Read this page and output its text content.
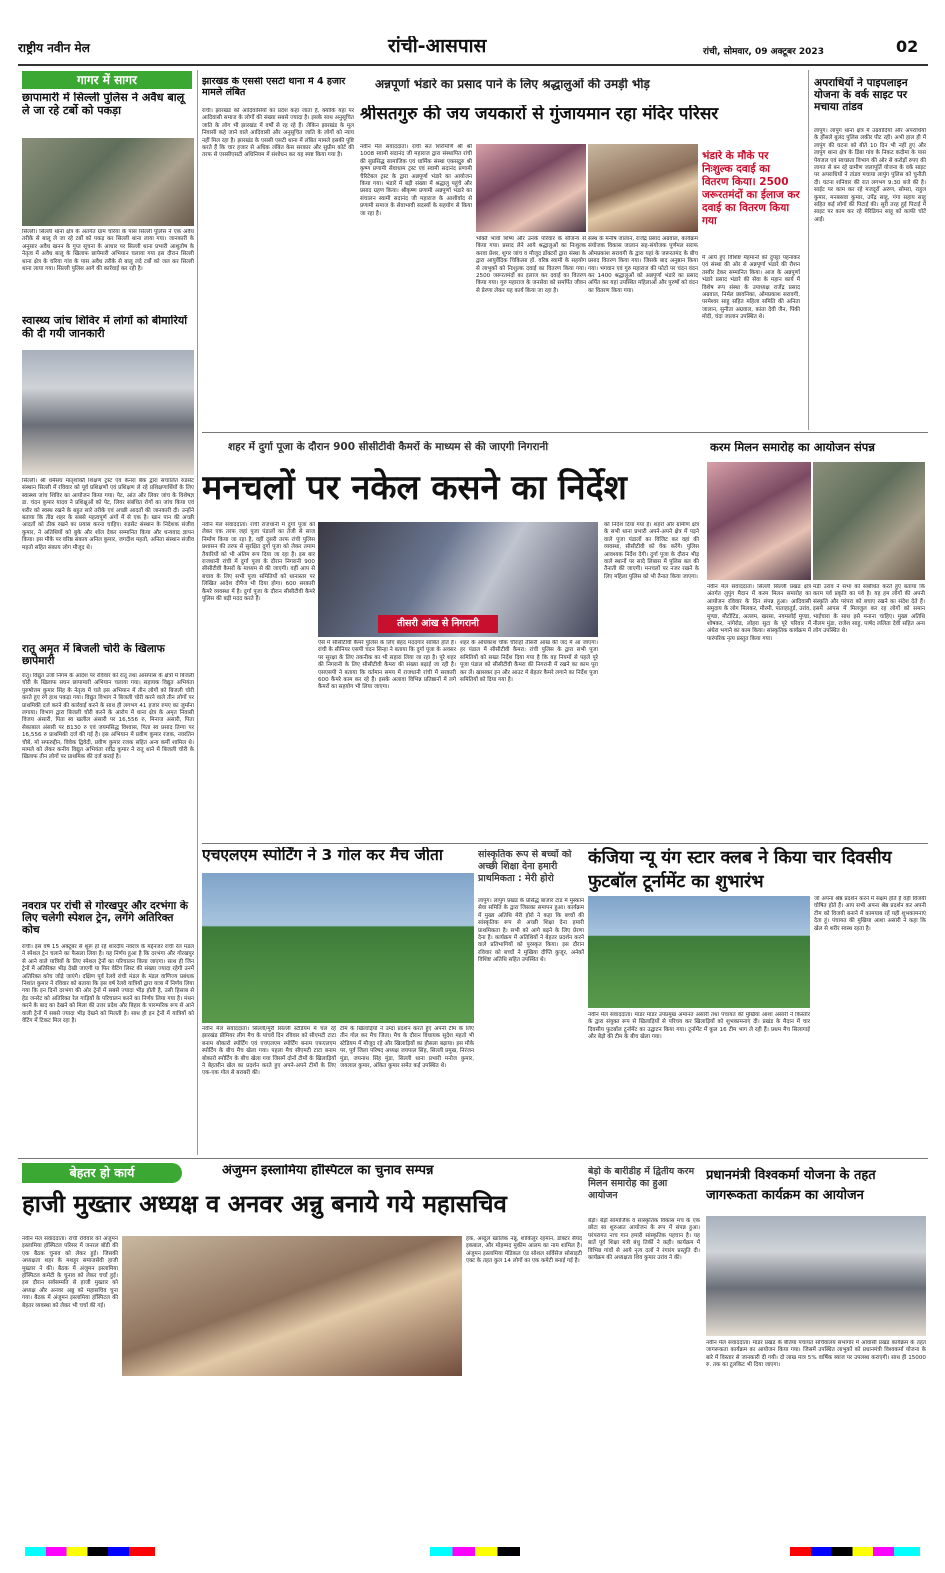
राष्ट्रीय नवीन मेल	रांची-आसपास	रांची, सोमवार, 09 अक्टूबर 2023	02
गागर में सागर
छापामारी में सिल्ली पुलिस ने अवैध बालू ले जा रहे टर्बो को पकड़ा
सिल्ली। सिल्ली थाना क्षेत्र के अंतर्गत ग्राम चरिया के पास सिल्ली पुलिस ने एक अवैध तरीके से बालू ले जा रहे टर्बो को पकड़ कर सिल्ली थाना लाया गया। जानकारी के अनुसार अवैध खनन के गुप्त सूचना के आधार पर सिल्ली थाना प्रभारी आशुतोष के नेतृत्व में अवैध बालू के खिलाफ छापेमारी अभियान चलाया गया इस दौरान सिल्ली थाना क्षेत्र के चरिया गांव के पास अवैध तरीके से बालू लदे टर्बो को जल कर सिल्ली थाना लाया गया। सिल्ली पुलिस आगे की कार्रवाई कर रही है।
स्वास्थ्य जांच शिविर में लोगों को बीमारियों की दी गयी जानकारी
सिल्ली। श्री धर्मसंघ मातृशक्ति शिक्षण ट्रस्ट एवं केनरा बैंक द्वारा संचालित रुडसेट संस्थान सिल्ली में रविवार को पूर्व प्रशिक्षणों एवं प्रशिक्षण ले रहे प्रशिक्षणार्थियों के लिए स्वास्थ्य जांच शिविर का आयोजन किया गया। पेट, आंत और लिवर जांच के विशेषज्ञ डा. चंदन कुमार यादव ने प्रशिक्षुओं को पेट, लिवर संबंधित रोगों का जांच किया एवं शरीर को स्वस्थ रखने के बहुत सारे तरीके एवं अच्छी आदतों की जानकारी दी। उन्होंने बताया कि तीव्र शहर के सबसे महत्वपूर्ण अंगों में से एक है। खान पान की अच्छी आदतों को ठीक रखने का प्रयास करना चाहिए। रुडसेट संस्थान के निदेशक संजीव कुमार, ने अतिथियों को बुके और शॉल देकर सम्मानित किया और धन्यवाद ज्ञापन किया। इस मौके पर वरिष्ठ संकाय अनिल कुमार, जगदीश महतो, अनिता संस्थान संजीव महतो सहित संकाय लोग मौजूद थे।
रातू अमृत में बिजली चोरी के खिलाफ छापेमारी
रातू। विद्युत उर्जा निगम के आदेश पर रविवार को रातू तथा आसपास के क्षेत्रों में बिजली चोरी के खिलाफ सघन छापामारी अभियान चलाया गया। सहायक विद्युत अभियंता पुरुषोत्तम कुमार सिंह के नेतृत्व में चले इस अभियान में तीन लोगों को बिजली चोरी करते हुए रंगे हाथ पकड़ा गया। विद्युत विभाग ने बिजली चोरी करने वाले तीन लोगों पर प्राथमिकी दर्ज करने की कार्रवाई करने के साथ ही लगभग 41 हजार रुपए का जुर्माना लगाया। विभाग द्वारा बिजली चोरी करने के आरोप में धाना क्षेत्र के अमृत निवासी विजय अंसारी, पिता स्व खलील अंसारी पर 16,556 रु, मिनाज अंसारी, पिता सेकाबाल अंसारी पर 8130 रु एवं जयमसिद्ध विश्वास, पिता स्व प्रसाद तिग्गा पर 16,556 रु प्राथमिकी दर्ज की गई है। इस अभियान में प्रवीण कुमार रजक, नवरतिन चौबे, मो सफरुद्दीन, विवेक द्विवेदी, प्रवीण कुमार रजक सहित अन्य कर्मी शामिल थे। मामले को लेकर कनीय विद्युत अभियंता रवींद्र कुमार ने रातू थाने में बिजली चोरी के खिलाफ तीन लोगों पर प्राथमिक की दर्ज कराई है।
नवरात्र पर रांची से गोरखपुर और दरभंगा के लिए चलेगी स्पेशल ट्रेन, लगेंगे अतिरिक्त कोच
रांची। इस वर्ष 15 अक्टूबर से शुरू हो रहे शारदीय नवरात्र के मद्देनजर रांची रेल मंडल ने स्पेशल ट्रेन चलाने का फैसला लिया है। यह निर्णय हुआ है कि दरभंगा और गोरखपुर से आने वाले यात्रियों के लिए स्पेशल ट्रेनों का परिचालन किया जाएगा। साथ ही जिन ट्रेनों में अतिरिक्त भीड़ देखी जाएगी या फिर वेटिंग लिस्ट की संख्या ज्यादा रहेगी उनमें अतिरिक्त कोच जोड़े जाएंगे। दक्षिण पूर्व रेलवे रांची मंडल के मंडल वाणिज्य प्रबंधक निशांत कुमार ने रविवार को बताया कि इस वर्ष रेलवे यात्रियों द्वारा यात्रा में निर्णय लिया गया कि इन दिनों दरभंगा की ओर ट्रेनों में सबसे ज्यादा भीड़ होती है, उसी हिसाब से हेड जनरेट को अतिरिक्त रेल गाड़ियों के परिचालन करने का निर्णय लिया गया है। मंथन करने के बाद का देखने को मिला की उत्तर प्रदेश और बिहार के पारम्परिक रूप से आने वाली ट्रेनों में सबसे ज्यादा भीड़ देखने को मिलती है। साथ ही इन ट्रेनों में यात्रियों को वेटिंग में टिकट मिल रहा है।
झारखंड के एससी एसटी थाना में 4 हजार मामले लंबित
रांची। झारखंड को आदिवासियों का प्रदेश कहा जाता है, क्योंकि यहां पर आदिवासी समाज के लोगों की संख्या सबसे ज्यादा है। इसके साथ अनुसूचित जाति के लोग भी झारखंड में वर्षों से रह रहे हैं। लेकिन झारखंड के मूल निवासी कहे जाने वाले आदिवासी और अनुसूचित जाति के लोगों को न्याय नहीं मिल रहा है। झारखंड के एससी एसटी थाना में लंबित मामले इसकी पुष्टि करते हैं कि चार हजार से अधिक लंबित केस सरकार और सुप्रीम कोर्ट की तरफ से एससीएसटी अधिनियम में संशोधन कर यह स्पष्ट किया गया है।
अन्नपूर्णा भंडारे का प्रसाद पाने के लिए श्रद्धालुओं की उमड़ी भीड़
श्रीसतगुरु की जय जयकारों से गुंजायमान रहा मंदिर परिसर
नवीन मेल संवाददाता। रांची संत शिरोमणि श्री श्री 1008 स्वामी सदानंद जी महाराज द्वारा संस्थापित रांची की सुप्रसिद्ध सामाजिक एवं धार्मिक संस्था एकसद्गुरु श्री कृष्ण प्रणामी सेवाधाम ट्रस्ट एवं स्वामी सदानंद प्रणामी चैरिटेबल ट्रस्ट के द्वारा अन्नपूर्णा भंडारे का आयोजन किया गया। भंडारे में बड़ी संख्या में श्रद्धालु पहुंचे और प्रसाद ग्रहण किया। श्रीकृष्ण प्रणामी अन्नपूर्णा भंडारे का संचालन स्वामी सदानंद जी महाराज के आशीर्वाद से प्रणामी समाज के सेवाभावी सदस्यों के सहयोग से किया जा रहा है।
भक्ति भावों शिष्य और उनके परिवार के सौजन्य से किया गया। प्रसाद लेने आये श्रद्धालुओं का निःशुल्क करवा प्रेशर, शुगर जांच व मौजूद डॉक्टरों द्वारा संस्था के द्वारा आयुर्वेदिक चिकित्सा हॉ. वरिष्ठ स्वामी के सहयोग से लाभुकों को निःशुल्क दवाई का वितरण किया गया। 2500 जरूरतमंदों का इलाज कर दवाई का वितरण किया गया। गुरु महाराज के जनसेवा को समर्पित जीवन से प्रेरणा लेकर यह कार्य किया जा रहा है।
संस्थ के मनीष जालान, राजेंद्र प्रसाद अग्रवाल, कार्यक्रम संयोजक विकास जालान सह-संयोजक पूर्णमल सराफ ओमप्रकाश सरावगी के द्वारा यहां के जरूरतमंद के बीच प्रसाद वितरण किया गया। जिसके बाद अनुष्ठान किया गया। भगवान एवं गुरु महाराज की फोटो पर चंदन वंदन कर 1400 श्रद्धालुओं को अन्नपूर्णा भंडारे का प्रसाद अर्पित कर यहां उपस्थित महिलाओं और पुरुषों को वंदन का वितरण किया गया।
भंडारे के मौके पर निःशुल्क दवाई का वितरण किया। 2500 जरूरतमंदों का ईलाज कर दवाई का वितरण किया गया
में आये हुए विशिष्ट मेहमानों को दुपट्टा पहनाकर एवं संस्था की ओर से अन्नपूर्णा भंडारे की रौशन तस्वीर देकर सम्मानित किया। आज के अन्नपूर्णा भंडारे प्रसाद भंडारे की सेवा के महान कार्य में विशेष रूप संस्था के उपाध्यक्ष राजेंद्र प्रसाद अग्रवाल, निर्मल छावनिका, ओमप्रकाश सरावगी, परमेश्वर साहु सहित महिला समिति की अनिता जालान, सुनीता अग्रवाल, कांता देवी जैन, पिंकी मोदी, चंदा जालान उपस्थित थे।
अपराधियों ने पाइपलाइन योजना के वर्क साइट पर मचाया तांडव
लापुंग। लापुंग थाना क्षेत्र में उग्रवादियों और अपराधियों के हौंसले बुलंद पुलिस लकीर पीट रही। अभी हाल ही में लापुंग की घटना को बीते 10 दिन भी नहीं हुए और लापुंग थाना क्षेत्र के डिंबा गांव के निकट कदीमा के पास पेयजल एवं स्वच्छता विभाग की ओर से करोड़ों रुपए की लागत से बन रहे ग्रामीण जलापूर्ति योजना के वर्क साइट पर अपराधियों ने तांडव मचाया लापुंग पुलिस को चुनौती दी। घटना शनिवार की रात लगभग 9:30 बजे की है। साईट पर काम कर रहे मजदूरों अरुण, सोमरा, राहुल कुमार, मनबसवा कुमार, उपेंद्र साहु, गंगा सहाय साहू सहित कई लोगों की पिटाई की। सूरी तरह हुई पिटाई में साइट पर काम कर रहे मेरिडियन साहू को काफी चोटें आईं।
शहर में दुर्गा पूजा के दौरान 900 सीसीटीवी कैमरों के माध्यम से की जाएगी निगरानी
मनचलों पर नकेल कसने का निर्देश
नवीन मेल संवाददाता। रांची राजधानी में दुर्गा पूजा को लेकर एक तरफ जहां पूजा पंडालों का तेजी से साज निर्माण किया जा रहा है, वहीं दूसरी तरफ रांची पुलिस प्रशासन की तरफ से सुरक्षित दुर्गा पूजा को लेकर तमाम तैयारियों को भी अंतिम रूप दिया जा रहा है। इस बार राजधानी रांची में दुर्गा पूजा के दौरान निगरानी 900 सीसीटीवी कैमरों के माध्यम से की जाएगी। वहीं आप से बचाव के लिए सभी पूजा समितियों को थानास्तर पर लिखित आदेश दीपैज भी दिया होगा। 600 सरकारी कैमरे व्यवस्था में है। दुर्गा पूजा के दौरान सीसीटीवी कैमरे पुलिस की बड़ी मदद करते हैं।
तीसरी आंख से निगरानी
ऐसे में सीसीटीवी कैमरे पुलिस के लिए बेहद मददगार साबित होते हैं। रांची के सीनियर एसपी चंदन सिन्हा ने बताया कि दुर्गा पूजा के अवसर पर सुरक्षा के लिए तकनीक का भी सहारा लिया जा रहा है। पूरे शहर की निगरानी के लिए सीसीटीवी कैमरा की संख्या बढ़ाई जा रही है। एसएसपी ने बताया कि वर्तमान समय में राजधानी रांची में सरकारी 600 कैमरे काम कर रहे हैं। इसके अलावा विभिन्न प्रतिष्ठानों में लगे कैमरों का सहयोग भी लिया जाएगा।
शहर के अधिकांश चौक चौराहों तीसरी आंख की जद में आ जाएगा। हर पंडाल में सीसीटीवी कैमरा: रांची पुलिस के द्वारा सभी पूजा समितियों को सख्त निर्देश दिया गया है कि वह नियमों से पहले पूरे पूजा पंडाल को सीसीटीवी कैमरा की निगरानी में रखने का काम पूरा कर लें। खासकर इन और आउट मे बेहतर कैमरे लगाने का निर्देश पूजा समितियों को दिया गया है।
को निर्देश दिया गया है। शहरों और ग्रामीण क्षेत्र के सभी थाना प्रभारी अपने-अपने क्षेत्र में पड़ने वाले पूजा पंडालों का विजिट कर वहां की व्यवस्था, सीसीटीवी को चेक करेंगे। पुलिस आवश्यक निर्देश देगी। दुर्गा पूजा के दौरान भीड़ वाले स्थानों पर सादे लिबास में पुलिस बल की तैनाती की जाएगी। मनचलों पर नजर रखने के लिए महिला पुलिस को भी तैनात किया जाएगा।
करम मिलन समारोह का आयोजन संपन्न
नवीन मेल संवाददाता। सिल्ली सिल्ली प्रखंड क्षेत्र अंतर्गत लुपुंग मैदान में करम मिलन समारोह का आयोजन रविवार के दिन संपन्न हुआ। आदिवासी समुदाय के लोग मिलकर, मौरमी, पाताहातुर्ड, उरांव, मुण्डा, मौटोटिंड, अल्लम, खरसा, नवमलोई मुण्डा, शोषकर, नांगेरोड, लोहरा सुटा के पूरे परिवार में अंधेरा भगाने का काम किया। सांस्कृतिक कार्यक्रम में पारंपरिक नृत्य प्रस्तुत किया गया।
मंडी उरांव ने सभा को संबोधित करते हुए बताया कि करम पर्व प्रकृति का पर्व है। यह हम लोगों की अपनी संस्कृति और परंपरा को बचाए रखने का संदेश देते हैं। इसमें आपस में मिलजुल कर रह लोगों को समान भाईचारा के साथ इसे मनाना चाहिए। मुख्य अतिथि नीलम मुंडा, राजेश साहु, पार्षद ललिता देवी सहित अन्य लोग उपस्थित थे।
एचएलएम स्पोर्टिंग ने 3 गोल कर मैच जीता
नवीन मेल संवाददाता। सिल्ली/मुरी सिल्ली स्टेडियम में चल रहे झारखंड प्रीमियर लीग मैच के पांचवें दिन रविवार को सीएमटी टाटा बनाम बोकारो स्पोर्टिंग एवं एचएलएम स्पोर्टिंग बनाम एफएलएम स्पोर्टिंग के बीच मैच खेला गया। पहला मैच सीएमटी टाटा बनाम बोकारो स्पोर्टिंग के बीच खेला गया जिसमें दोनों टीमों के खिलाड़ियों ने बेहतरीन खेल का प्रदर्शन करते हुए अपने-अपने टीमों के लिए एक-एक गोल से बराबरी की।
टीम के खिलाड़ियों ने उम्दा प्रदर्शन करते हुए अपनी टीम के लिए तीन गोल कर मैच जिता। मैच के दौरान विधायक सुदेश महतो भी स्टेडियम में मौजूद रहे और खिलाड़ियों का हौसला बढ़ाया। इस मौके पर, पूर्व जिला परिषद अध्यक्ष जयपाल सिंह, सिल्ली प्रमुख, निरंजन मुंडा, जयनाथ सिंह मुंडा, सिल्ली थाना प्रभारी मनोज कुमार, जयलाल कुमार, अंकित कुमार समेत कई उपस्थित थे।
सांस्कृतिक रूप से बच्चों को अच्छी शिक्षा देना हमारी प्राथमिकता : मेरी होरो
लापुंग। लापुंग प्रखंड के प्रसिद्ध बाजार टांड में मुस्कान सेवा समिति के द्वारा जिसका समापन हुआ। कार्यक्रम में मुख्य अतिथि मेरी होरो ने कहा कि बच्चों की सांस्कृतिक रूप से अच्छी शिक्षा देना हमारी प्राथमिकता है। सभी को आगे बढ़ने के लिए प्रेरणा देना है। कार्यक्रम में अतिथियों ने बेहतर प्रदर्शन करने वाले प्रतिभागियों को पुरस्कृत किया। इस दौरान रविवार को बच्चों ने मुखिया दीप्ति कुजूर, अनेकों विशिष्ट अतिथि सहित उपस्थित थे।
कंजिया न्यू यंग स्टार क्लब ने किया चार दिवसीय फुटबॉल टूर्नामेंट का शुभारंभ
नवीन मेल संवाददाता। मांडर मांडर उपप्रमुख अमानत अंसारी तथा पंचायत की मुखिया आशा असारी ने किस्तोर के द्वारा संयुक्त रूप से खिलाड़ियों से परिचय कर खिलाड़ियों को शुभकामनाएं दी। प्रखंड के मैदान में चार दिवसीय फुटबॉल टूर्नामेंट का उद्घाटन किया गया। टूर्नामेंट में कुल 16 टीम भाग ले रही हैं। प्रथम मैच सिलागाई और बेड़ो की टीम के बीच खेला गया।
जो अपना श्रेष्ठ प्रदर्शन करने में सक्षम होते हैं वही विजयी घोषित होते हैं। आप सभी अपना श्रेष्ठ प्रदर्शन कर अपनी टीम को विजयी बनाने में कामयाब रहें यही शुभकामनाएं देता हूं। पंचायत की मुखिया आशा असारी ने कहा कि खेल से शरीर स्वस्थ रहता है।
बेहतर हो कार्य	अंजुमन इस्लामिया हॉस्पिटल का चुनाव सम्पन्न
हाजी मुख्तार अध्यक्ष व अनवर अन्नु बनाये गये महासचिव
नवीन मेल संवाददाता। रांची रविवार को अंजुमन इस्लामिया हॉस्पिटल परिसर में जनरल बॉडी की एक बैठक चुनाव को लेकर हुई। जिसकी अध्यक्षता शहर के मशहूर समाजसेवी हाजी मुख्तार ने की। बैठक में अंजुमन इस्लामिया हॉस्पिटल कमेटी के चुनाव को लेकर चर्चा हुई। इस दौरान सर्वसम्मति से हाजी मुख्तार को अध्यक्ष और अनवर अन्नु को महासचिव चुना गया। बैठक में अंजुमन इस्लामिया हॉस्पिटल की बेहतर व्यवस्था को लेकर भी चर्चा की गई।
हक, अब्दुल खालिक नन्नू, शाकिलुर रहमान, डॉक्टर सैयद इकबाल, और मोहम्मद मुकीम आलम का नाम शामिल है। अंजुमन इस्लामिया मेडिकल एंड सोशल सर्विसेज सोसाइटी एक्ट के तहत कुल 14 लोगों का एक कमेटी बनाई गई है।
बेड़ो के बारीडीह में द्वितीय करम मिलन समारोह का हुआ आयोजन
बेड़ो। बेड़ो सामाजिक व सांस्कृतिक विकास मंच के एक छोटा सा शुरुआत आयोजन के रूप में संपन्न हुआ। परंपरागत नाच गान हमारी सांस्कृतिक पहचान है। यह बातें पूर्व शिक्षा मंत्री बंधु तिर्की ने कही। कार्यक्रम में विभिन्न गांवों से आये नृत्य दलों ने रंगारंग प्रस्तुति दी। कार्यक्रम की अध्यक्षता शिव कुमार उरांव ने की।
प्रधानमंत्री विश्वकर्मा योजना के तहत जागरूकता कार्यक्रम का आयोजन
नवीन मेल संवाददाता। मांडर प्रखंड के बेतिया पंचायत सचिवालय सभागार में आवासी प्रखंड कार्यक्रम के तहत जागरूकता कार्यक्रम का आयोजन किया गया। जिसमें उपस्थित लाभुकों को प्रधानमंत्री विश्वकर्मा योजना के बारे में विस्तार से जानकारी दी गयी। दो लाख मात्र 5% वार्षिक ब्याज पर उपलब्ध कराएगी। साथ ही 15000 रु. तक का टूलकिट भी दिया जाएगा।
